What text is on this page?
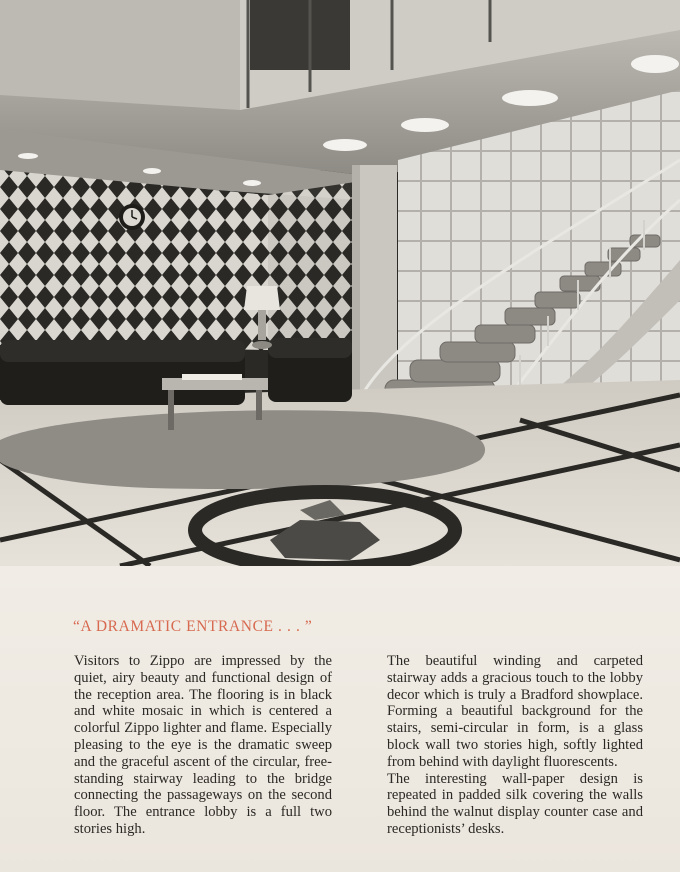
“A DRAMATIC ENTRANCE . . . ”

Visitors to Zippo are impressed by the quiet, airy beauty and functional design of the reception area. The flooring is in black and white mosaic in which is centered a colorful Zippo lighter and flame. Especially pleasing to the eye is the dramatic sweep and the graceful ascent of the circular, free-standing stairway leading to the bridge connecting the passageways on the second floor. The entrance lobby is a full two stories high.

The beautiful winding and carpeted stairway adds a gracious touch to the lobby decor which is truly a Bradford showplace. Forming a beautiful background for the stairs, semi-circular in form, is a glass block wall two stories high, softly lighted from behind with daylight fluorescents.

The interesting wall-paper design is repeated in padded silk covering the walls behind the walnut display counter case and receptionists’ desks.
